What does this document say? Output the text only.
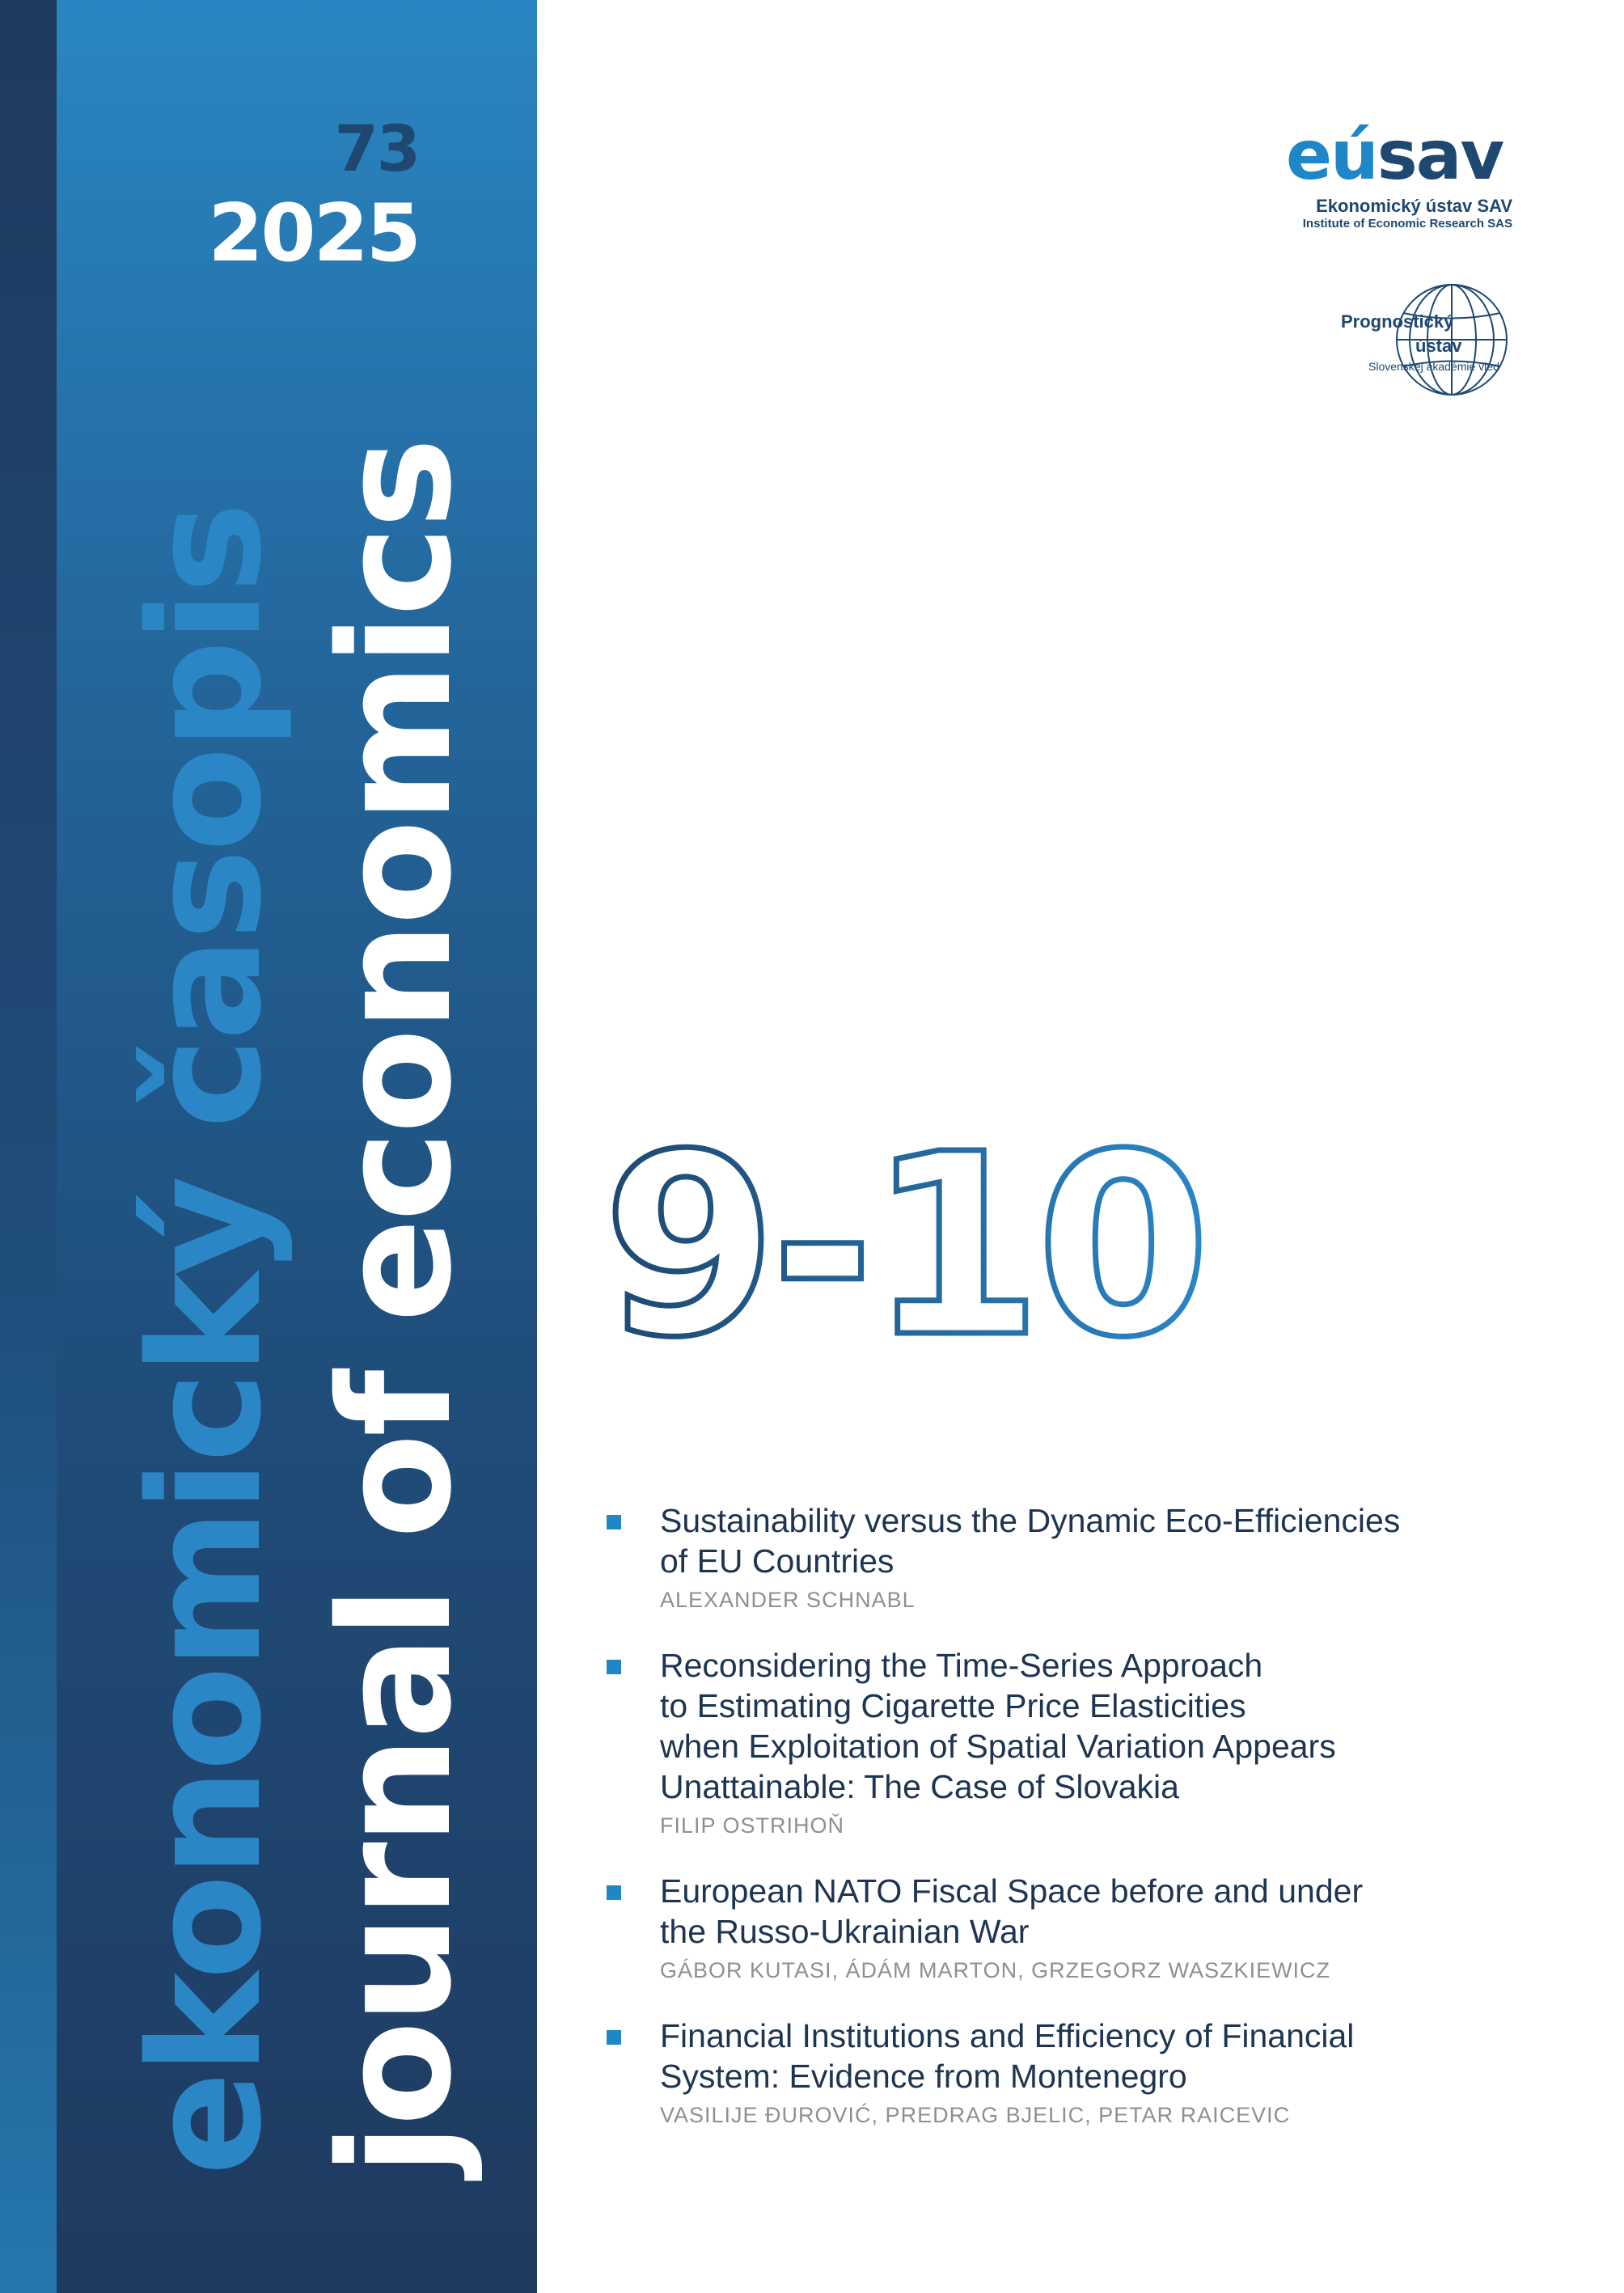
73
2025
ekonomický časopis journal of economics
eúsav
Ekonomický ústav SAV
Institute of Economic Research SAS
Prognostický
ústav
Slovenskej akadémie vied
9-10
Sustainability versus the Dynamic Eco-Efficiencies
of EU Countries
ALEXANDER SCHNABL
Reconsidering the Time-Series Approach
to Estimating Cigarette Price Elasticities
when Exploitation of Spatial Variation Appears
Unattainable: The Case of Slovakia
FILIP OSTRIHOŇ
European NATO Fiscal Space before and under
the Russo-Ukrainian War
GÁBOR KUTASI, ÁDÁM MARTON, GRZEGORZ WASZKIEWICZ
Financial Institutions and Efficiency of Financial
System: Evidence from Montenegro
VASILIJE ĐUROVIĆ, PREDRAG BJELIC, PETAR RAICEVIC
